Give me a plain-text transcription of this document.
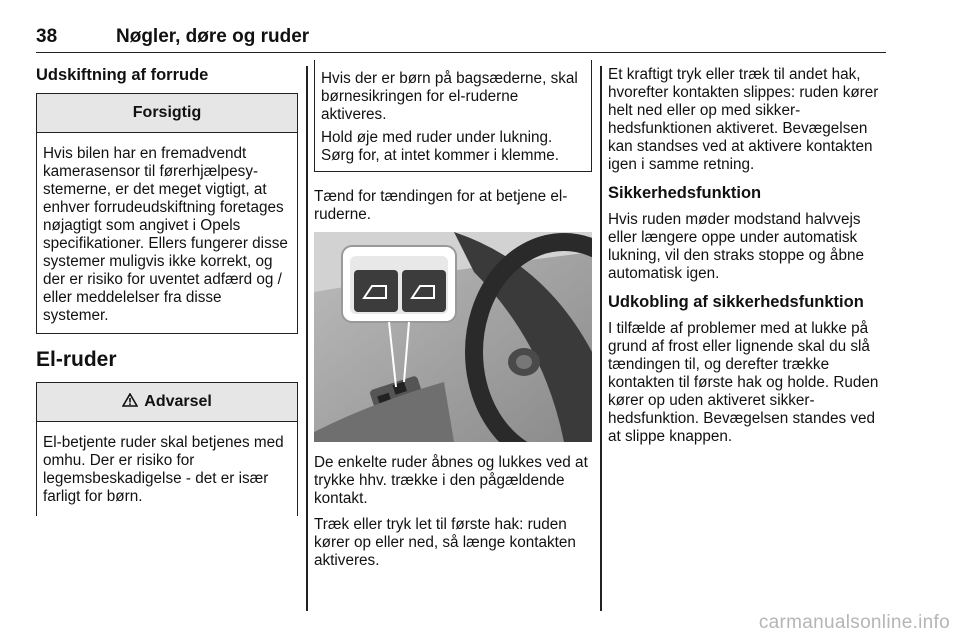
38	Nøgler, døre og ruder
Udskiftning af forrude
Forsigtig

Hvis bilen har en fremadvendt kamerasensor til førerhjælpesystemerne, er det meget vigtigt, at enhver forrudeudskiftning foretages nøjagtigt som angivet i Opels specifikationer. Ellers fungerer disse systemer muligvis ikke korrekt, og der er risiko for uventet adfærd og / eller meddelelser fra disse systemer.

El-ruder
Advarsel

El-betjente ruder skal betjenes med omhu. Der er risiko for legemsbeskadigelse - det er især farligt for børn.

Hvis der er børn på bagsæderne, skal børnesikringen for el-ruderne aktiveres.

Hold øje med ruder under lukning. Sørg for, at intet kommer i klemme.

Tænd for tændingen for at betjene el-ruderne.

De enkelte ruder åbnes og lukkes ved at trykke hhv. trække i den pågældende kontakt.

Træk eller tryk let til første hak: ruden kører op eller ned, så længe kontakten aktiveres.

Et kraftigt tryk eller træk til andet hak, hvorefter kontakten slippes: ruden kører helt ned eller op med sikkerhedsfunktionen aktiveret. Bevægelsen kan standses ved at aktivere kontakten igen i samme retning.

Sikkerhedsfunktion

Hvis ruden møder modstand halvvejs eller længere oppe under automatisk lukning, vil den straks stoppe og åbne automatisk igen.

Udkobling af sikkerhedsfunktion

I tilfælde af problemer med at lukke på grund af frost eller lignende skal du slå tændingen til, og derefter trække kontakten til første hak og holde. Ruden kører op uden aktiveret sikkerhedsfunktion. Bevægelsen standes ved at slippe knappen.

carmanualsonline.info
